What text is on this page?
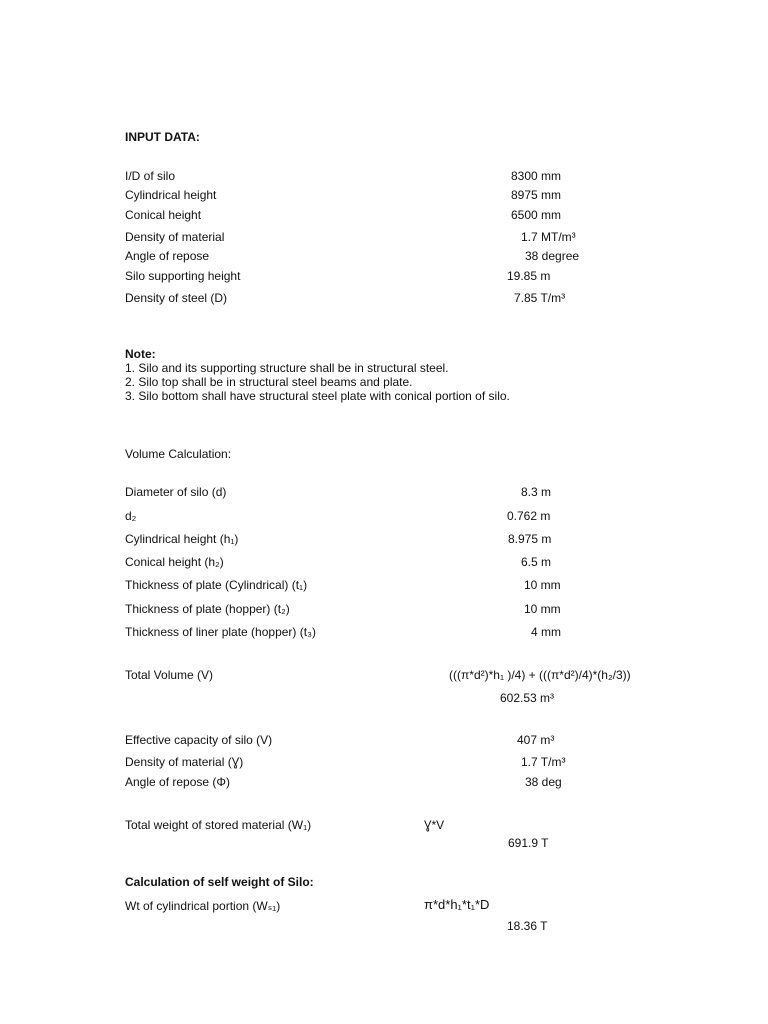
INPUT DATA:
I/D of silo	8300 mm
Cylindrical height	8975 mm
Conical height	6500 mm
Density of material	1.7 MT/m³
Angle of repose	38 degree
Silo supporting height	19.85 m
Density of steel (D)	7.85 T/m³
Note:
1. Silo and its supporting structure shall be in structural steel.
2. Silo top shall be in structural steel beams and plate.
3. Silo bottom shall have structural steel plate with conical portion of silo.
Volume Calculation:
Diameter of silo (d)	8.3 m
d₂	0.762 m
Cylindrical height (h₁)	8.975 m
Conical height (h₂)	6.5 m
Thickness of plate (Cylindrical) (t₁)	10 mm
Thickness of plate (hopper) (t₂)	10 mm
Thickness of liner plate (hopper) (t₃)	4 mm
Total Volume (V)	(((π*d²)*h₁ )/4) + (((π*d²)/4)*(h₂/3))
602.53 m³
Effective capacity of silo (V)	407 m³
Density of material (Ɣ)	1.7 T/m³
Angle of repose (Φ)	38 deg
Total weight of stored material (W₁)	Ɣ*V
691.9 T
Calculation of self weight of Silo:
Wt of cylindrical portion (Wₛ₁)	π*d*h₁*t₁*D
18.36 T
